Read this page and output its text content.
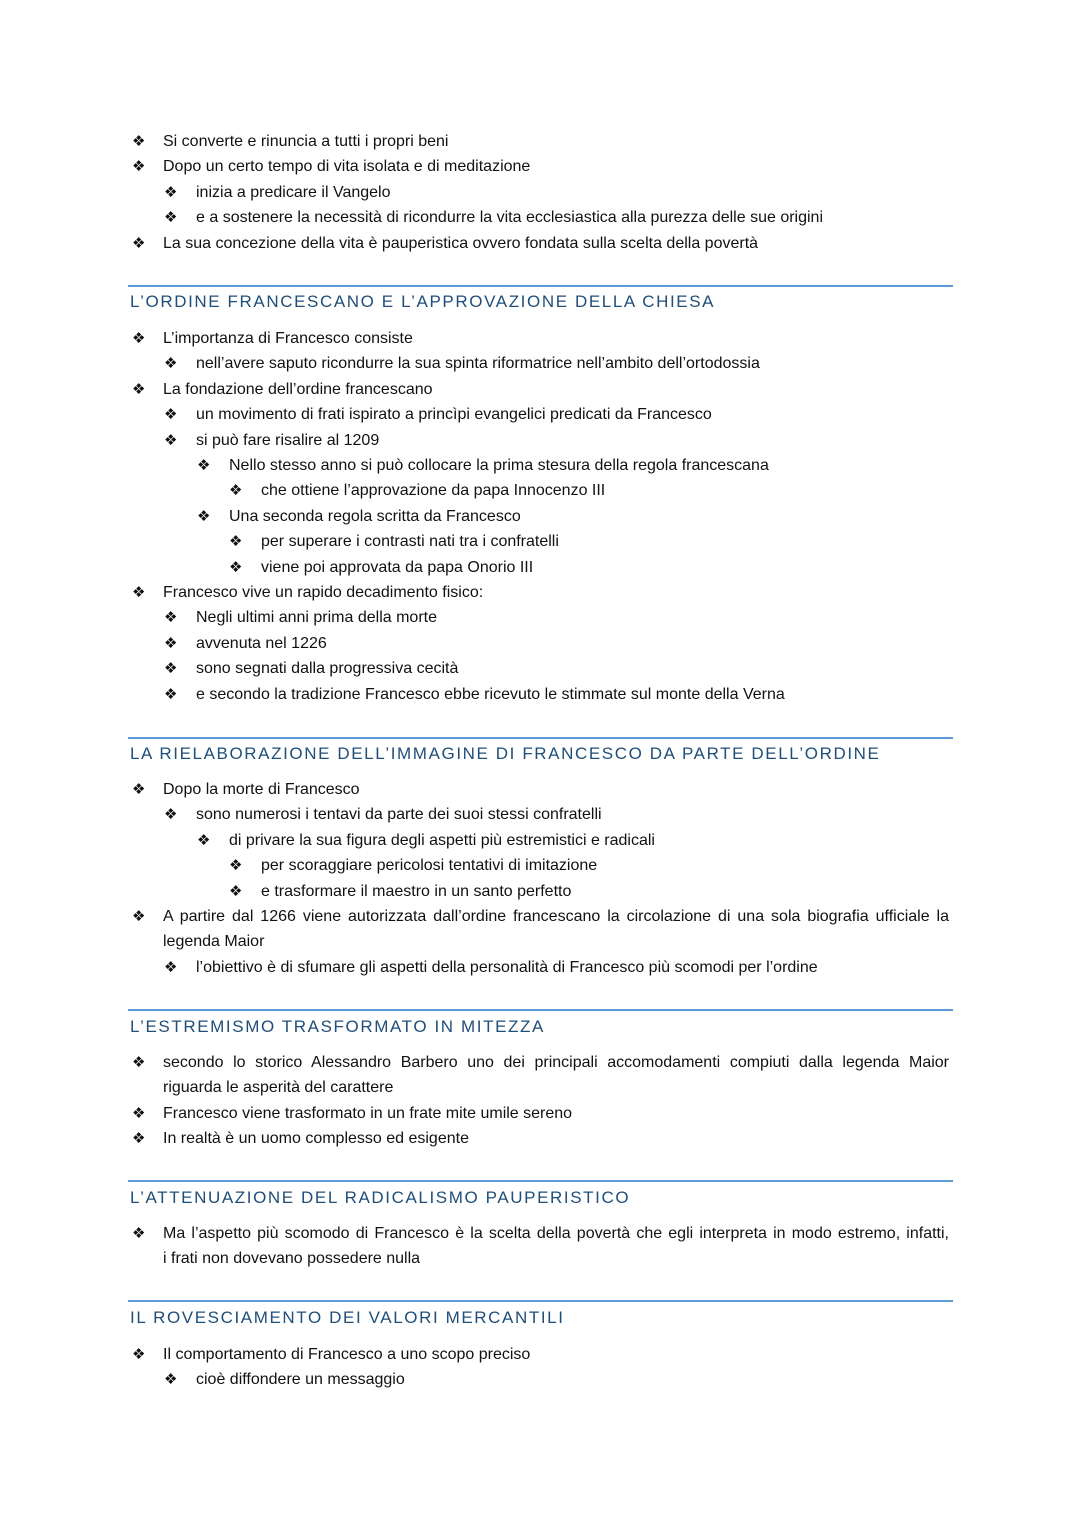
❖ Si converte e rinuncia a tutti i propri beni
❖ Dopo un certo tempo di vita isolata e di meditazione
❖ inizia a predicare il Vangelo
❖ e a sostenere la necessità di ricondurre la vita ecclesiastica alla purezza delle sue origini
❖ La sua concezione della vita è pauperistica ovvero fondata sulla scelta della povertà
L’ORDINE FRANCESCANO E L’APPROVAZIONE DELLA CHIESA
❖ L’importanza di Francesco consiste
❖ nell’avere saputo ricondurre la sua spinta riformatrice nell’ambito dell’ortodossia
❖ La fondazione dell’ordine francescano
❖ un movimento di frati ispirato a princìpi evangelici predicati da Francesco
❖ si può fare risalire al 1209
❖ Nello stesso anno si può collocare la prima stesura della regola francescana
❖ che ottiene l’approvazione da papa Innocenzo III
❖ Una seconda regola scritta da Francesco
❖ per superare i contrasti nati tra i confratelli
❖ viene poi approvata da papa Onorio III
❖ Francesco vive un rapido decadimento fisico:
❖ Negli ultimi anni prima della morte
❖ avvenuta nel 1226
❖ sono segnati dalla progressiva cecità
❖ e secondo la tradizione Francesco ebbe ricevuto le stimmate sul monte della Verna
LA RIELABORAZIONE DELL’IMMAGINE DI FRANCESCO DA PARTE DELL’ORDINE
❖ Dopo la morte di Francesco
❖ sono numerosi i tentavi da parte dei suoi stessi confratelli
❖ di privare la sua figura degli aspetti più estremistici e radicali
❖ per scoraggiare pericolosi tentativi di imitazione
❖ e trasformare il maestro in un santo perfetto
❖ A partire dal 1266 viene autorizzata dall’ordine francescano la circolazione di una sola biografia ufficiale la
legenda Maior
❖ l’obiettivo è di sfumare gli aspetti della personalità di Francesco più scomodi per l’ordine
L’ESTREMISMO TRASFORMATO IN MITEZZA
❖ secondo lo storico Alessandro Barbero uno dei principali accomodamenti compiuti dalla legenda Maior
riguarda le asperità del carattere
❖ Francesco viene trasformato in un frate mite umile sereno
❖ In realtà è un uomo complesso ed esigente
L’ATTENUAZIONE DEL RADICALISMO PAUPERISTICO
❖ Ma l’aspetto più scomodo di Francesco è la scelta della povertà che egli interpreta in modo estremo, infatti,
i frati non dovevano possedere nulla
IL ROVESCIAMENTO DEI VALORI MERCANTILI
❖ Il comportamento di Francesco a uno scopo preciso
❖ cioè diffondere un messaggio
